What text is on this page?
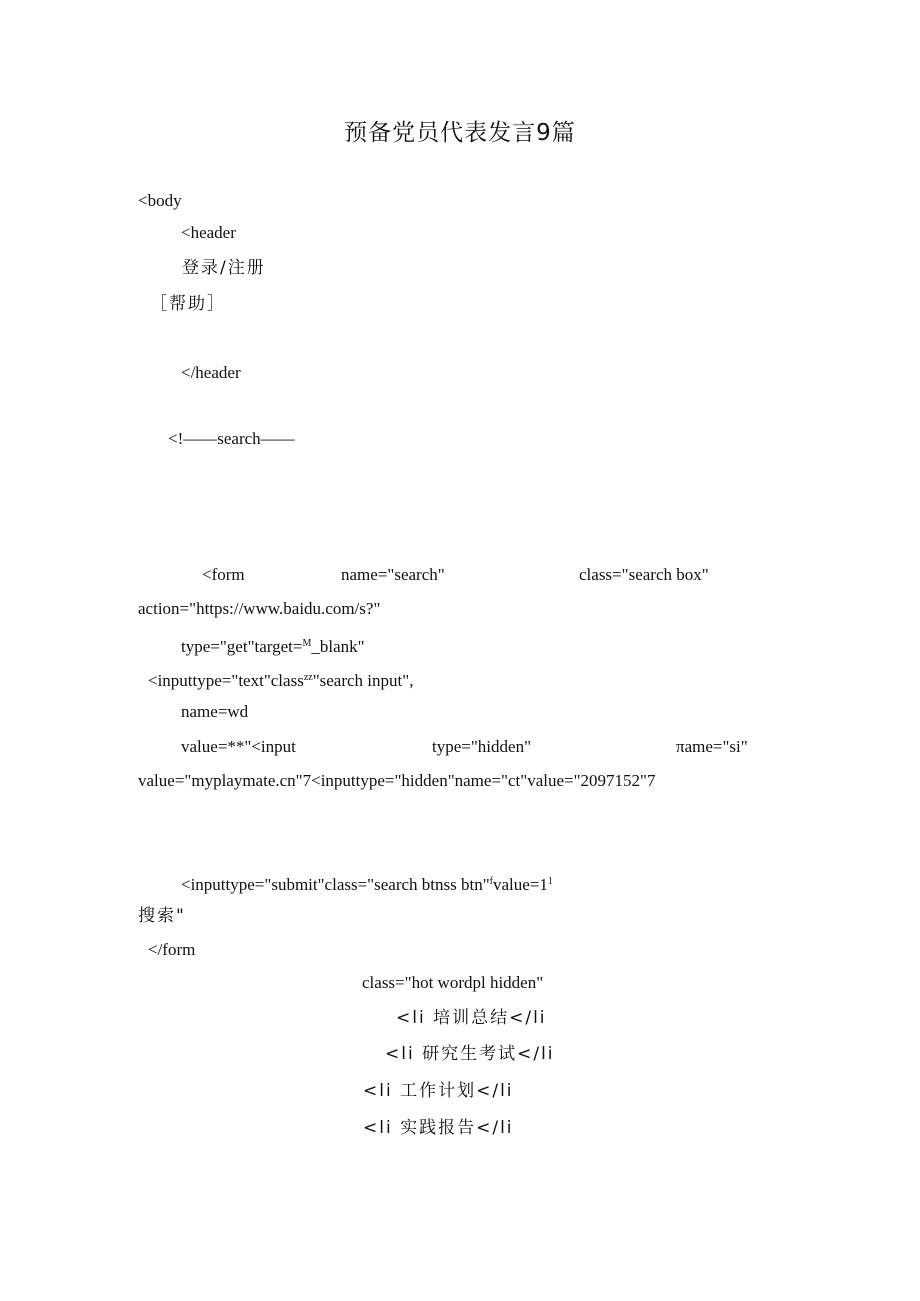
预备党员代表发言9篇
<body
<header
登录/注册
［帮助］
</header
<!——search——
<form	name="search"	class="search box"
action="https://www.baidu.com/s?"
type="get"target=$^M$_blank"
<inputtype="text"class$^{zz}$"search input",
name=wd
value=**"<input	type="hidden"	πame="si"
value="myplaymate.cn"7<inputtype="hidden"name="ct"value="2097152"7
<inputtype="submit"class="search btnss $btn"^fvalue=1^1$
搜索"
</form
class="hot wordpl hidden"
<li 培训总结</li
<li 研究生考试</li
<li 工作计划</li
<li 实践报告</li
